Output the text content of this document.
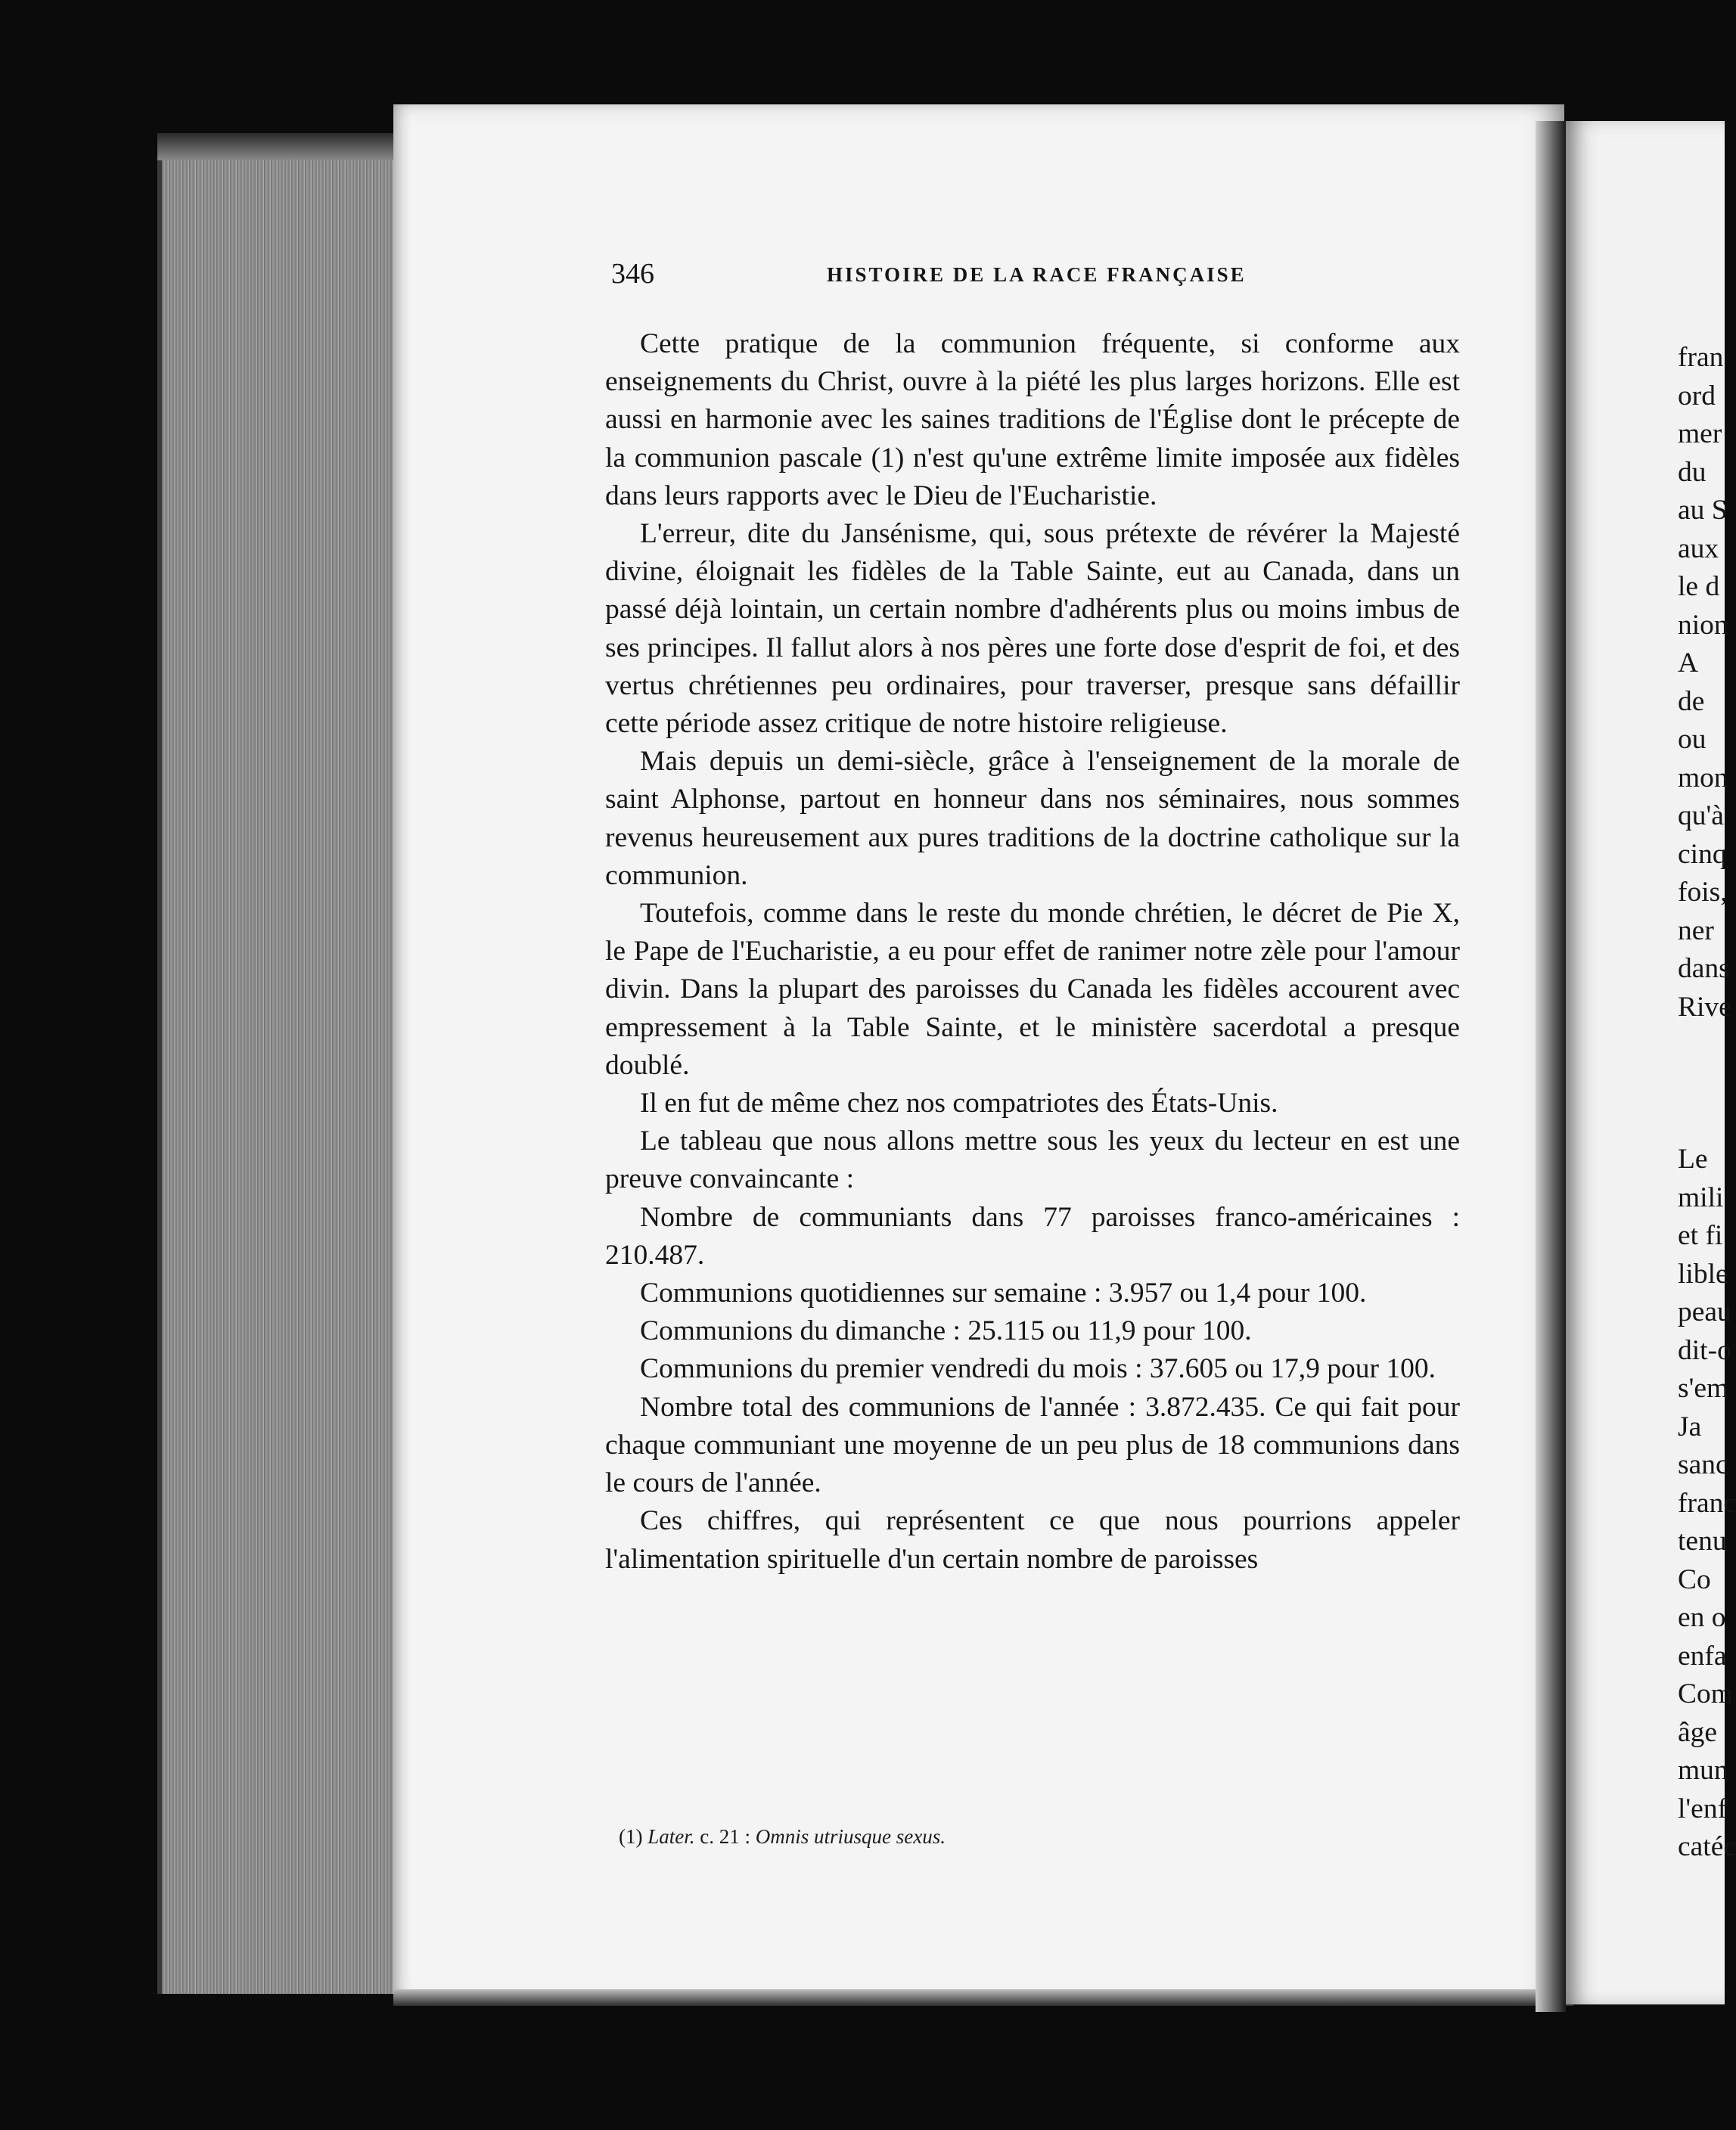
346	HISTOIRE DE LA RACE FRANÇAISE

Cette pratique de la communion fréquente, si conforme aux enseignements du Christ, ouvre à la piété les plus larges horizons. Elle est aussi en harmonie avec les saines traditions de l'Église dont le précepte de la communion pascale (1) n'est qu'une extrême limite imposée aux fidèles dans leurs rapports avec le Dieu de l'Eucharistie.

L'erreur, dite du Jansénisme, qui, sous prétexte de révérer la Majesté divine, éloignait les fidèles de la Table Sainte, eut au Canada, dans un passé déjà lointain, un certain nombre d'adhérents plus ou moins imbus de ses principes. Il fallut alors à nos pères une forte dose d'esprit de foi, et des vertus chrétiennes peu ordinaires, pour traverser, presque sans défaillir cette période assez critique de notre histoire religieuse.

Mais depuis un demi-siècle, grâce à l'enseignement de la morale de saint Alphonse, partout en honneur dans nos séminaires, nous sommes revenus heureusement aux pures traditions de la doctrine catholique sur la communion.

Toutefois, comme dans le reste du monde chrétien, le décret de Pie X, le Pape de l'Eucharistie, a eu pour effet de ranimer notre zèle pour l'amour divin. Dans la plupart des paroisses du Canada les fidèles accourent avec empressement à la Table Sainte, et le ministère sacerdotal a presque doublé.

Il en fut de même chez nos compatriotes des États-Unis.

Le tableau que nous allons mettre sous les yeux du lecteur en est une preuve convaincante :

Nombre de communiants dans 77 paroisses franco-américaines : 210.487.

Communions quotidiennes sur semaine : 3.957 ou 1,4 pour 100.

Communions du dimanche : 25.115 ou 11,9 pour 100.

Communions du premier vendredi du mois : 37.605 ou 17,9 pour 100.

Nombre total des communions de l'année : 3.872.435. Ce qui fait pour chaque communiant une moyenne de un peu plus de 18 communions dans le cours de l'année.

Ces chiffres, qui représentent ce que nous pourrions appeler l'alimentation spirituelle d'un certain nombre de paroisses

(1) Later. c. 21 : Omnis utriusque sexus.
fran
ord
mer
du
au S
aux
le d
nion
A
de
ou
mon
qu'à
cinq
fois,
ner
dans
Rive
Le
mili
et fi
lible
peau
dit-o
s'em
Ja
sanc
franc
tenu
Co
en o
enfa
Com
âge
mun
l'enf
catéc
